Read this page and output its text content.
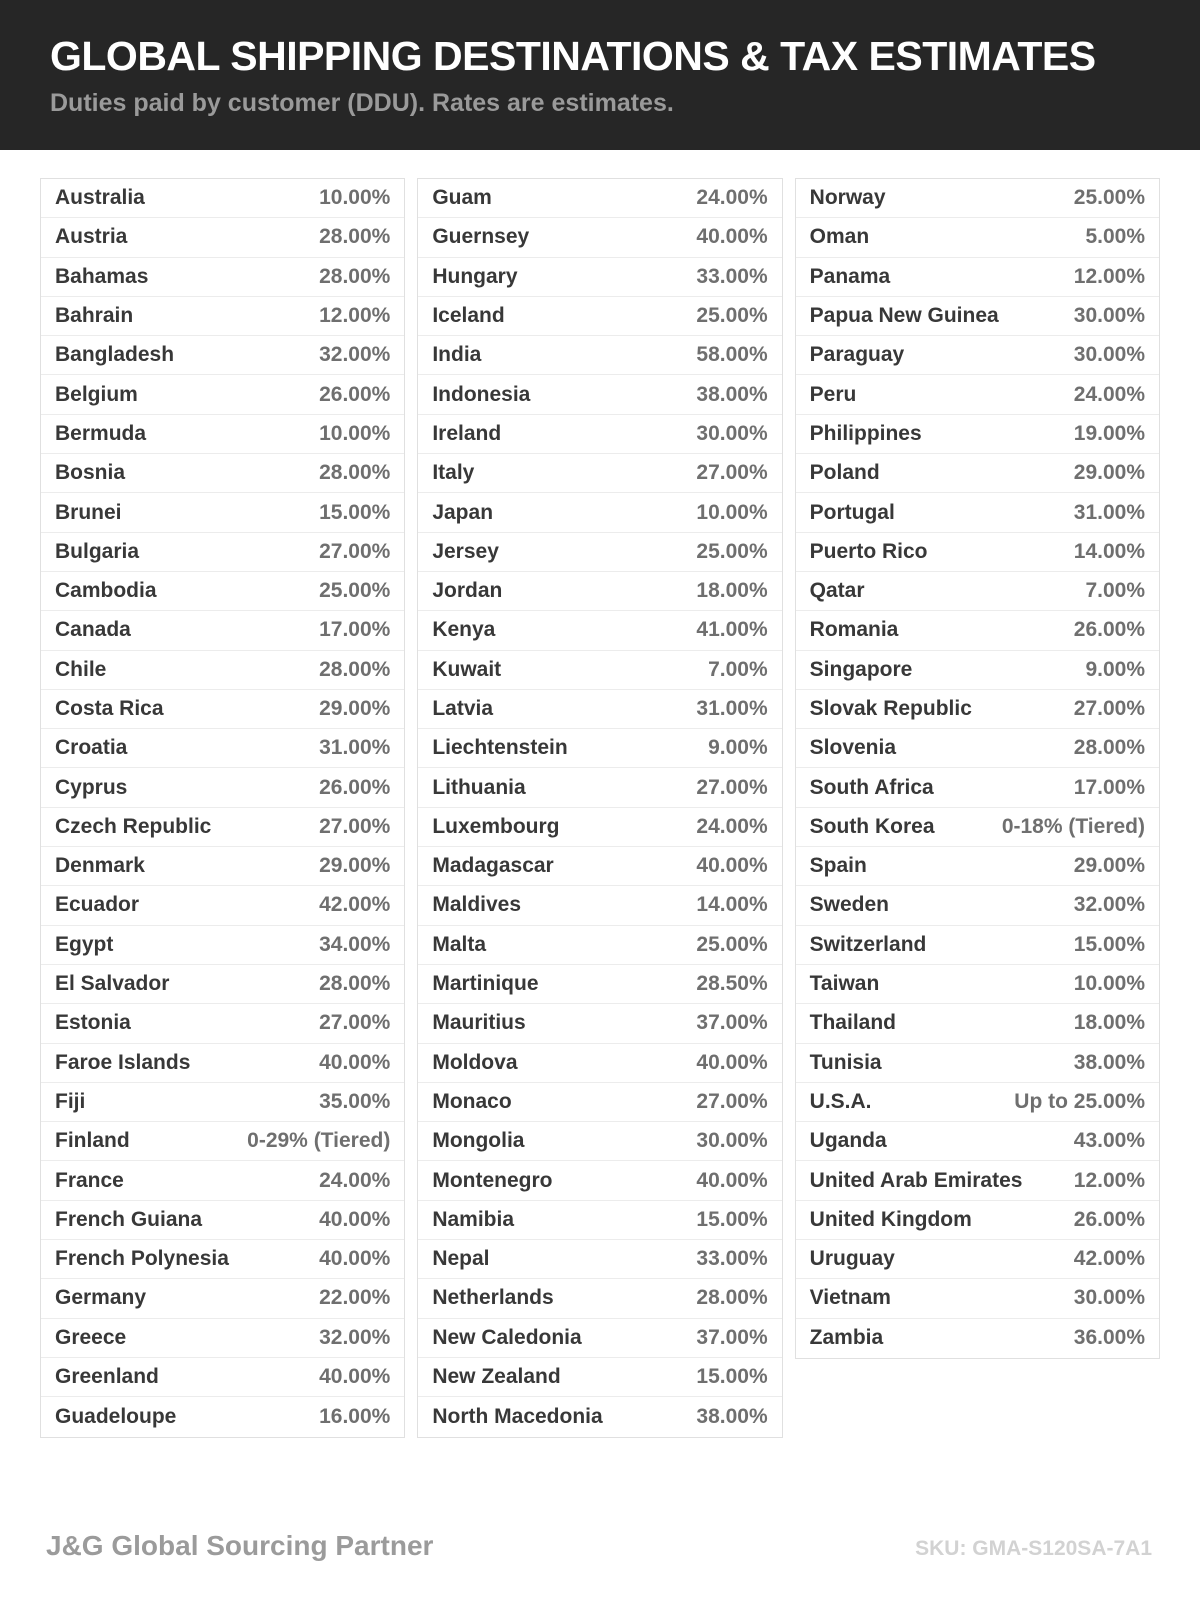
GLOBAL SHIPPING DESTINATIONS & TAX ESTIMATES
Duties paid by customer (DDU). Rates are estimates.
Australia	10.00%
Austria	28.00%
Bahamas	28.00%
Bahrain	12.00%
Bangladesh	32.00%
Belgium	26.00%
Bermuda	10.00%
Bosnia	28.00%
Brunei	15.00%
Bulgaria	27.00%
Cambodia	25.00%
Canada	17.00%
Chile	28.00%
Costa Rica	29.00%
Croatia	31.00%
Cyprus	26.00%
Czech Republic	27.00%
Denmark	29.00%
Ecuador	42.00%
Egypt	34.00%
El Salvador	28.00%
Estonia	27.00%
Faroe Islands	40.00%
Fiji	35.00%
Finland	0-29% (Tiered)
France	24.00%
French Guiana	40.00%
French Polynesia	40.00%
Germany	22.00%
Greece	32.00%
Greenland	40.00%
Guadeloupe	16.00%
Guam	24.00%
Guernsey	40.00%
Hungary	33.00%
Iceland	25.00%
India	58.00%
Indonesia	38.00%
Ireland	30.00%
Italy	27.00%
Japan	10.00%
Jersey	25.00%
Jordan	18.00%
Kenya	41.00%
Kuwait	7.00%
Latvia	31.00%
Liechtenstein	9.00%
Lithuania	27.00%
Luxembourg	24.00%
Madagascar	40.00%
Maldives	14.00%
Malta	25.00%
Martinique	28.50%
Mauritius	37.00%
Moldova	40.00%
Monaco	27.00%
Mongolia	30.00%
Montenegro	40.00%
Namibia	15.00%
Nepal	33.00%
Netherlands	28.00%
New Caledonia	37.00%
New Zealand	15.00%
North Macedonia	38.00%
Norway	25.00%
Oman	5.00%
Panama	12.00%
Papua New Guinea	30.00%
Paraguay	30.00%
Peru	24.00%
Philippines	19.00%
Poland	29.00%
Portugal	31.00%
Puerto Rico	14.00%
Qatar	7.00%
Romania	26.00%
Singapore	9.00%
Slovak Republic	27.00%
Slovenia	28.00%
South Africa	17.00%
South Korea	0-18% (Tiered)
Spain	29.00%
Sweden	32.00%
Switzerland	15.00%
Taiwan	10.00%
Thailand	18.00%
Tunisia	38.00%
U.S.A.	Up to 25.00%
Uganda	43.00%
United Arab Emirates 12.00%
United Kingdom	26.00%
Uruguay	42.00%
Vietnam	30.00%
Zambia	36.00%
J&G Global Sourcing Partner	SKU: GMA-S120SA-7A1
